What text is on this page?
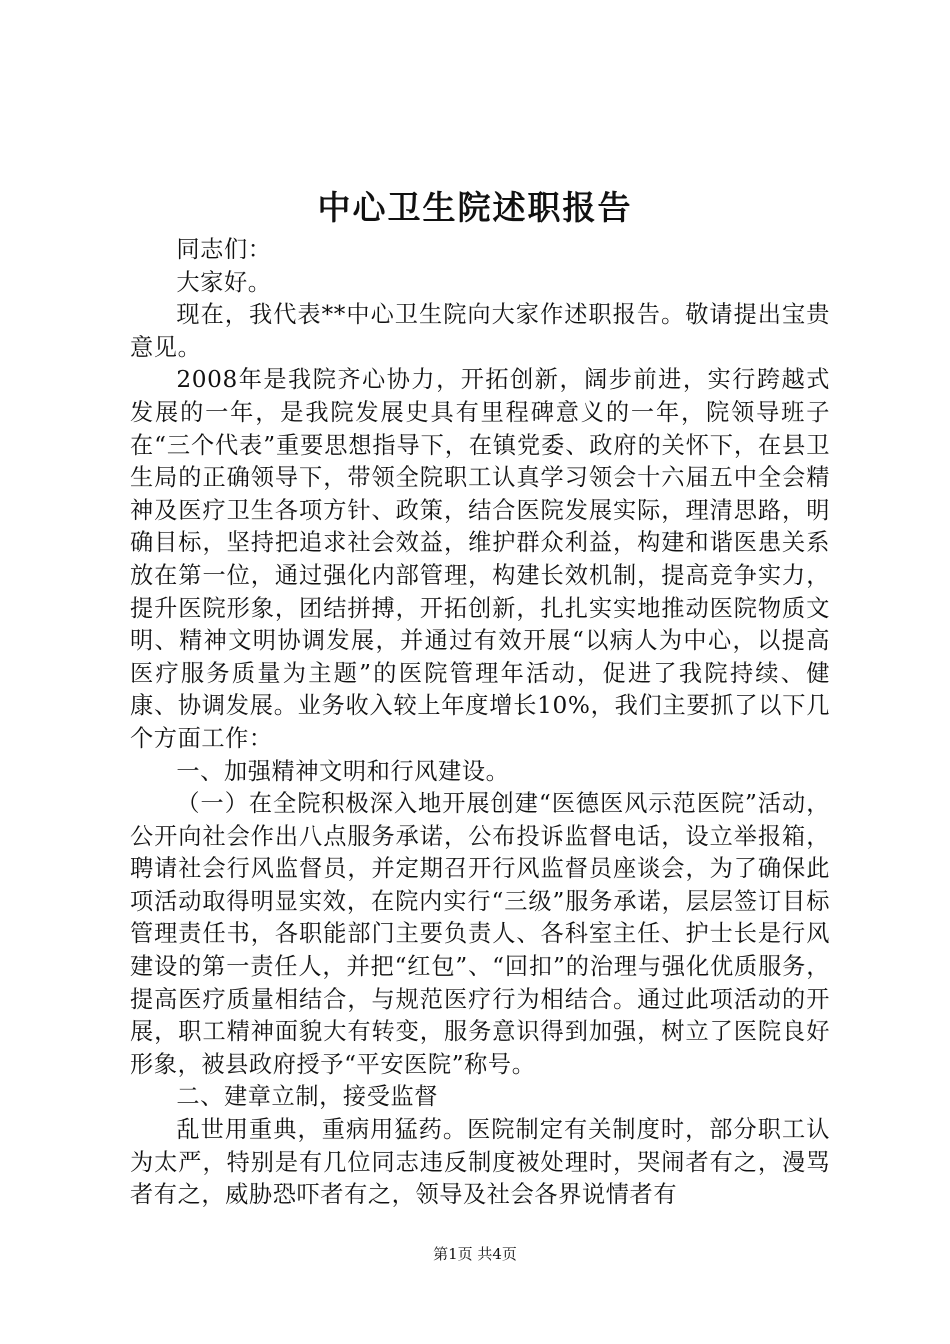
中心卫生院述职报告

同志们：

大家好。

现在，我代表**中心卫生院向大家作述职报告。敬请提出宝贵意见。

2008年是我院齐心协力，开拓创新，阔步前进，实行跨越式发展的一年，是我院发展史具有里程碑意义的一年，院领导班子在“三个代表”重要思想指导下，在镇党委、政府的关怀下，在县卫生局的正确领导下，带领全院职工认真学习领会十六届五中全会精神及医疗卫生各项方针、政策，结合医院发展实际，理清思路，明确目标，坚持把追求社会效益，维护群众利益，构建和谐医患关系放在第一位，通过强化内部管理，构建长效机制，提高竞争实力，提升医院形象，团结拼搏，开拓创新，扎扎实实地推动医院物质文明、精神文明协调发展，并通过有效开展“以病人为中心，以提高医疗服务质量为主题”的医院管理年活动，促进了我院持续、健康、协调发展。业务收入较上年度增长10%，我们主要抓了以下几个方面工作：

一、加强精神文明和行风建设。

（一）在全院积极深入地开展创建“医德医风示范医院”活动，公开向社会作出八点服务承诺，公布投诉监督电话，设立举报箱，聘请社会行风监督员，并定期召开行风监督员座谈会，为了确保此项活动取得明显实效，在院内实行“三级”服务承诺，层层签订目标管理责任书，各职能部门主要负责人、各科室主任、护士长是行风建设的第一责任人，并把“红包”、“回扣”的治理与强化优质服务，提高医疗质量相结合，与规范医疗行为相结合。通过此项活动的开展，职工精神面貌大有转变，服务意识得到加强，树立了医院良好形象，被县政府授予“平安医院”称号。

二、建章立制，接受监督

乱世用重典，重病用猛药。医院制定有关制度时，部分职工认为太严，特别是有几位同志违反制度被处理时，哭闹者有之，漫骂者有之，威胁恐吓者有之，领导及社会各界说情者有

第1页 共4页
